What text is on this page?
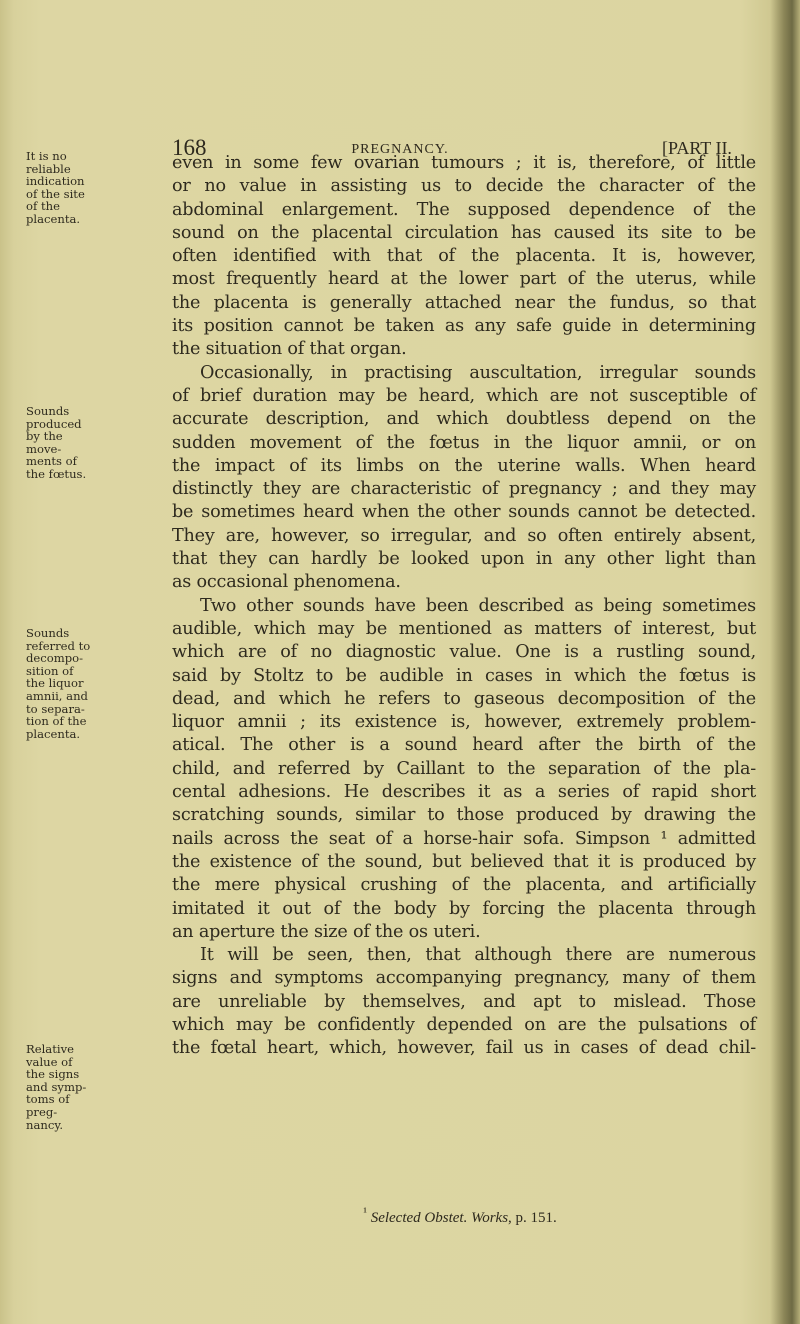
168	PREGNANCY.	[PART II.
It is no
reliable
indication
of the site
of the
placenta.
Sounds
produced
by the
move-
ments of
the fœtus.
Sounds
referred to
decompo-
sition of
the liquor
amnii, and
to separa-
tion of the
placenta.
Relative
value of
the signs
and symp-
toms of
preg-
nancy.
even in some few ovarian tumours ; it is, therefore, of little
or no value in assisting us to decide the character of the
abdominal enlargement. The supposed dependence of the
sound on the placental circulation has caused its site to be
often identified with that of the placenta. It is, however,
most frequently heard at the lower part of the uterus, while
the placenta is generally attached near the fundus, so that
its position cannot be taken as any safe guide in determining
the situation of that organ.
Occasionally, in practising auscultation, irregular sounds
of brief duration may be heard, which are not susceptible of
accurate description, and which doubtless depend on the
sudden movement of the fœtus in the liquor amnii, or on
the impact of its limbs on the uterine walls. When heard
distinctly they are characteristic of pregnancy ; and they may
be sometimes heard when the other sounds cannot be detected.
They are, however, so irregular, and so often entirely absent,
that they can hardly be looked upon in any other light than
as occasional phenomena.
Two other sounds have been described as being sometimes
audible, which may be mentioned as matters of interest, but
which are of no diagnostic value. One is a rustling sound,
said by Stoltz to be audible in cases in which the fœtus is
dead, and which he refers to gaseous decomposition of the
liquor amnii ; its existence is, however, extremely problem-
atical. The other is a sound heard after the birth of the
child, and referred by Caillant to the separation of the pla-
cental adhesions. He describes it as a series of rapid short
scratching sounds, similar to those produced by drawing the
nails across the seat of a horse-hair sofa. Simpson ¹ admitted
the existence of the sound, but believed that it is produced by
the mere physical crushing of the placenta, and artificially
imitated it out of the body by forcing the placenta through
an aperture the size of the os uteri.
It will be seen, then, that although there are numerous
signs and symptoms accompanying pregnancy, many of them
are unreliable by themselves, and apt to mislead. Those
which may be confidently depended on are the pulsations of
the fœtal heart, which, however, fail us in cases of dead chil-
$^{^1}$ Selected Obstet. Works, p. 151.
